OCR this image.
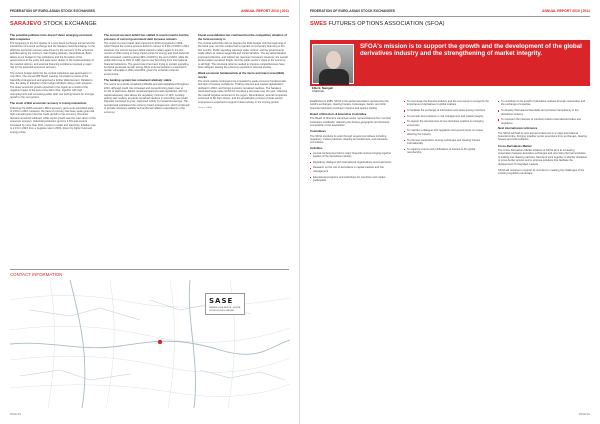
FEDERATION OF EURO-ASIAN STOCK EXCHANGES	ANNUAL REPORT 2010 | 2011
SARAJEVO STOCK EXCHANGE
The potential political crisis doesn't deter emerging economic BiH companies

The beginning in the first quarter of a new Stock exchange annual and the introduction of a stock exchange and the Sarajevo Stock Exchange. In the 2010 the economic recovery was driven by the recovery of the economic activities along the country's main trading partners. Nevertheless, BiH's failure to put budget for the institutions and the formation of the governments at the entity and state level, delays in the implementation of the needed reforms, and external financing conditions imposed a major risk for the expected economic recovery.

The current budget deficit for the central institutions was approved to in July 2011. The annual IMF Board meeting concluded a review of the Stand-By Arrangement and approved a further disbursement. Parallel to that, the delay in adoption of the budget left BiH's rating under pressure. The lower economic growth expected in the region as a result of the negative impact of the Euro zone debt crisis, together with high unemployment and increasing public debt, are limiting factors for stronger growth in the next period.

The stock of BiH economic recovery is losing momentum

Following the 2009 recession, BiH's economy grew at an estimated pace of 0.8% in 2010. However, the pace of recovery has been weak given still high unemployment and low credit growth in the economy. Domestic demand remained subdued, while export growth was the main driver of the economic recovery. Industrial production grew by 1.6% and exports increased by more than 30%, mostly in metals and electricity. Inflation rose to 2.1% in 2010 from a negative rate in 2009, driven by higher food and energy prices.

The current account deficit has stalled in recent months but the pressure of current government debt increase remains

The import-to-export trade ratio improved in 2010 compared to 2009, which helped the current account deficit to narrow to 5.6% of GDP in 2011. However, the current account deficit started to widen again in the first months of 2011 owing to rising import prices for energy and food. External debt increased, reaching about 49% of GDP by the end of 2010, while the public debt rose to 39% of GDP, due to new borrowing from international financial institutions. The government has been trying to contain spending, but fiscal pressures remain strong. BiH's external position is expected to remain vulnerable in 2011 and 2012, given the uncertain external environment.

The banking system has remained relatively stable

The sector as a whole remained profitable and well capitalized throughout 2010, although credit risk increased and nonperforming loans rose to 11.4% of total loans. Banks remained liquid and well capitalized, with the capital adequacy ratio above the regulatory minimum of 12%. Lending activity was modest, as banks remained cautious in extending new credit. Deposits continued to grow, supported mainly by household savings. The central bank maintained the currency board arrangement, which continued to provide monetary stability and anchored inflation expectations in the economy.

Fiscal consolidation has continued but the competitive situation of the local economy is

The central authorities did not prepare the 2011 budget until the beginning of the fiscal year, and the entities had to operate on temporary financing in the first months. Public spending was kept under control, and the governments made efforts to reduce wage bills and social transfers. The tax administration improved collection, and indirect tax revenues increased. However, the overall fiscal position remained fragile, and the public sector's share in the economy is still high. The structural reforms needed to improve competitiveness have been delayed, leaving the economy exposed to external shocks.

Weak economic fundamentals at the micro and macro level (BiH) stocks

The stock market continued to be impacted by weak economic fundamentals and lack of investor confidence. Trading volumes and market capitalization declined in 2010, and foreign investors remained cautious. The Sarajevo Stock Exchange index SASX-10 recorded a decrease over the year, reflecting the overall negative sentiment in the region. Nevertheless, several companies continued to list their shares, and the privatization process of state-owned enterprises is expected to support market activity in the coming period.

Source: SASE
CONTACT INFORMATION
SASE
SARAJEVSKA BERZA - BURZA VRIJEDNOSNIH PAPIRA
PAGE 0G
FEDERATION OF EURO-ASIAN STOCK EXCHANGES	ANNUAL REPORT 2010 | 2011
SWES FUTURES OPTIONS ASSOCIATION (SFOA)
SFOA's mission is to support the growth and the development of the global derivatives industry and the strengthening of market integrity.
Ellie E. Namgall
Chairman

Established in 1985, SFOA is the global association representing the world's exchanges, clearing houses, brokerages, banks, and other financial institutions involved in futures and options trading.

Board of Directors & Executive Committee

The Board of Directors comprises senior representatives from member institutions worldwide, reflecting the diverse geographic and business composition of the association.

Committees

The SFOA conducts its work through several committees including regulatory, market practices, clearing and settlement, and education committees.

Activities
Annual conferences held in major financial centres bringing together leaders of the derivatives industry
Regulatory dialogue with international organizations and supervisors
Research on the role of derivatives in capital markets and risk management
Educational programs and workshops for members and market participants
To encourage the financial industry and the community to recognize the importance of derivatives in global markets
To facilitate the exchange of information and views among members
To promote best practices in risk management and market integrity
To support the development of new derivative markets in emerging economies
To maintain a dialogue with regulators and governments on issues affecting the industry
To promote cooperation among exchanges and clearing houses internationally
To organize events and publications of interest to the global membership
To contribute to the growth of derivative markets through cooperation and the exchange of expertise
To develop international standards and promote transparency in the derivatives industry
To represent the interests of members before international bodies and regulators
Next international conference

The SFOA will hold its next annual conference in a major international financial centre, bringing together senior executives from exchanges, clearing houses and intermediaries.

Cross-Derivatives Market

The Cross-Derivatives Market initiative of SFOA aims at increasing cooperation between derivative exchanges and promoting the harmonization of trading and clearing practices. Members work together to identify obstacles to cross-border access and to propose solutions that facilitate the development of integrated markets.

SFOA will continue to support its members in meeting the challenges of the evolving regulatory landscape.

PAGE 0H
